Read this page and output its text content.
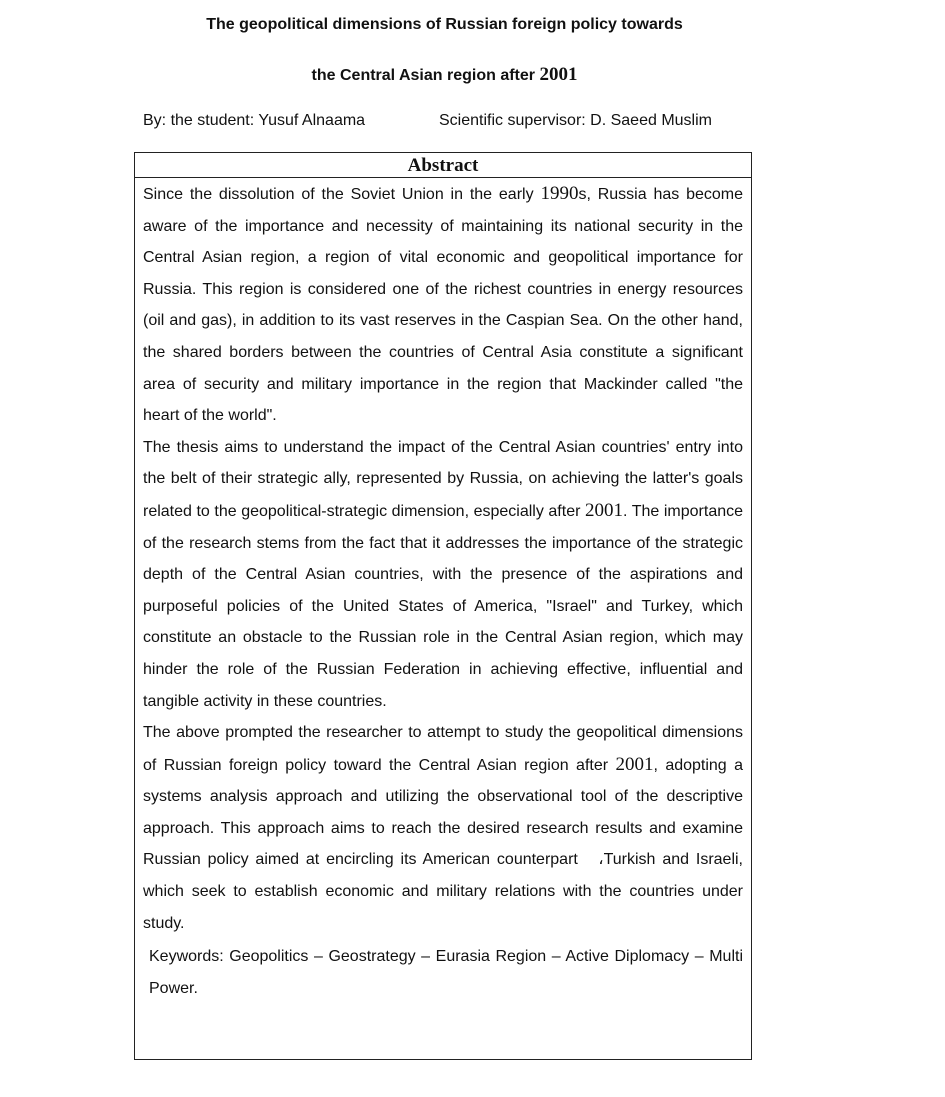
The geopolitical dimensions of Russian foreign policy towards
the Central Asian region after 2001
By: the student: Yusuf Alnaama	Scientific supervisor: D. Saeed Muslim
Abstract

Since the dissolution of the Soviet Union in the early 1990s, Russia has become aware of the importance and necessity of maintaining its national security in the Central Asian region, a region of vital economic and geopolitical importance for Russia. This region is considered one of the richest countries in energy resources (oil and gas), in addition to its vast reserves in the Caspian Sea. On the other hand, the shared borders between the countries of Central Asia constitute a significant area of security and military importance in the region that Mackinder called "the heart of the world".

The thesis aims to understand the impact of the Central Asian countries' entry into the belt of their strategic ally, represented by Russia, on achieving the latter's goals related to the geopolitical-strategic dimension, especially after 2001. The importance of the research stems from the fact that it addresses the importance of the strategic depth of the Central Asian countries, with the presence of the aspirations and purposeful policies of the United States of America, "Israel" and Turkey, which constitute an obstacle to the Russian role in the Central Asian region, which may hinder the role of the Russian Federation in achieving effective, influential and tangible activity in these countries.

The above prompted the researcher to attempt to study the geopolitical dimensions of Russian foreign policy toward the Central Asian region after 2001, adopting a systems analysis approach and utilizing the observational tool of the descriptive approach. This approach aims to reach the desired research results and examine Russian policy aimed at encircling its American counterpart   ،Turkish and Israeli, which seek to establish economic and military relations with the countries under study.

Keywords: Geopolitics – Geostrategy – Eurasia Region – Active Diplomacy – Multi Power.
